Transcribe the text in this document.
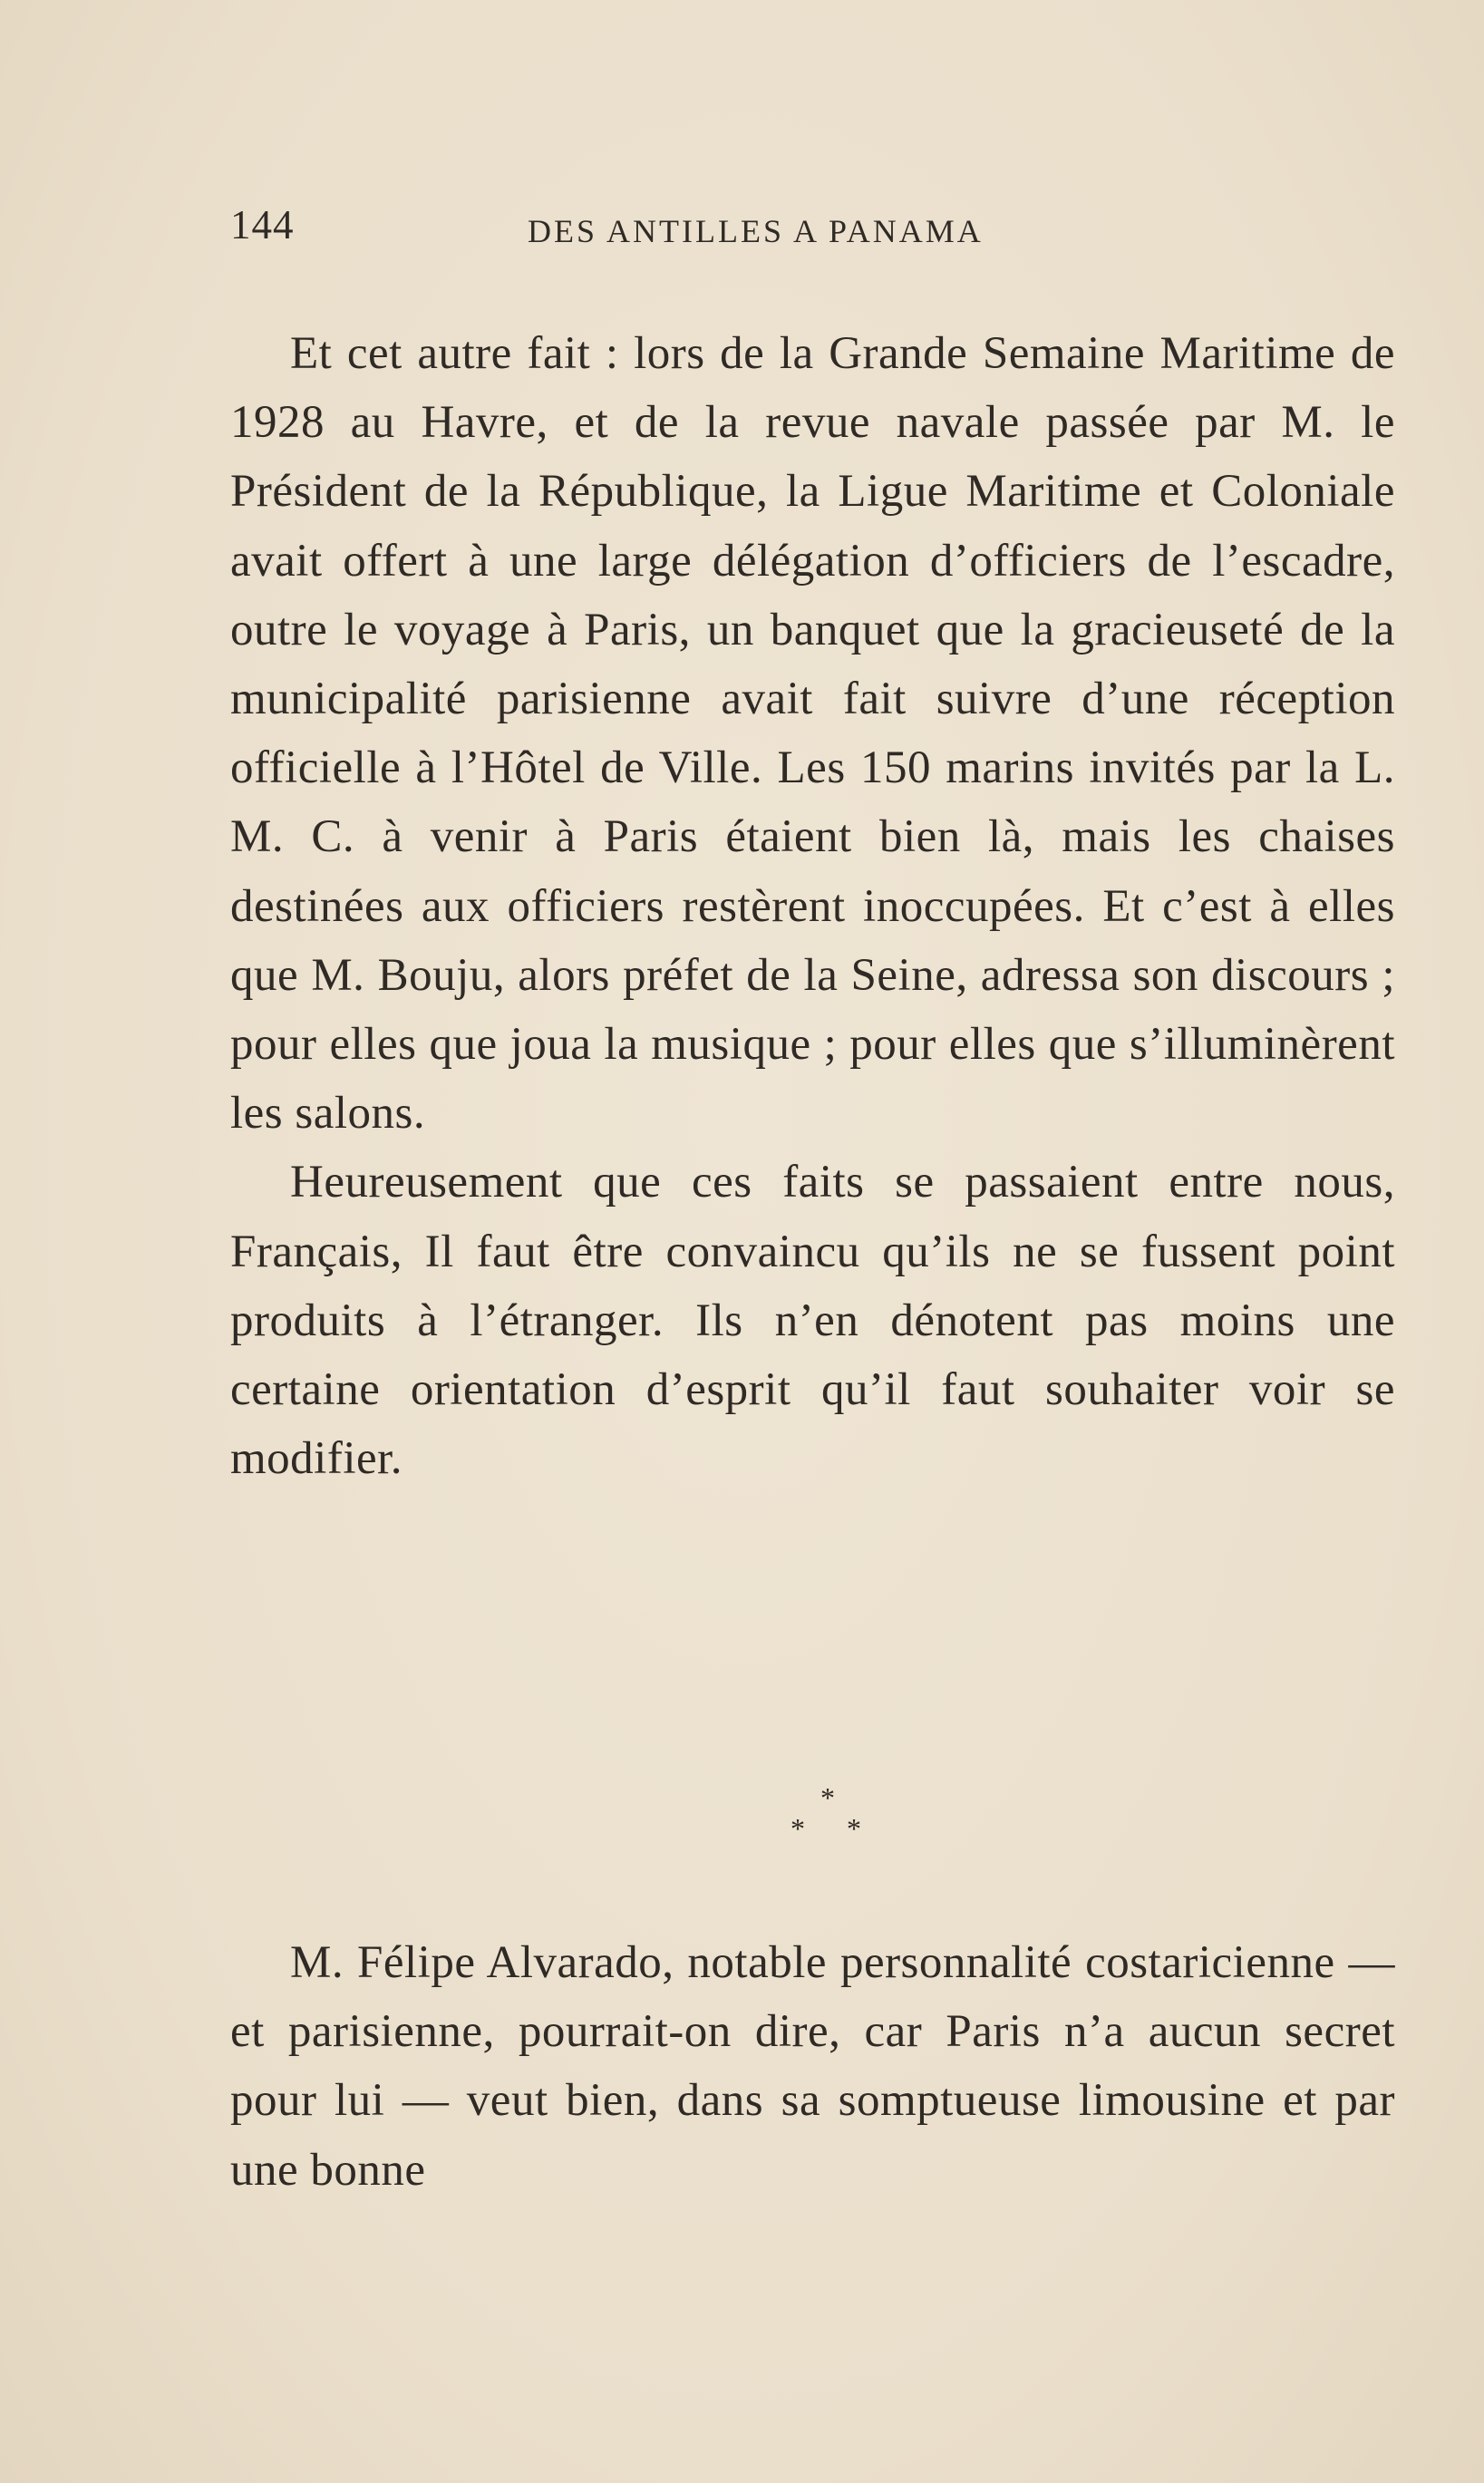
144	DES ANTILLES A PANAMA

Et cet autre fait : lors de la Grande Semaine Maritime de 1928 au Havre, et de la revue navale passée par M. le Président de la République, la Ligue Maritime et Coloniale avait offert à une large délégation d’officiers de l’escadre, outre le voyage à Paris, un banquet que la gracieuseté de la municipalité parisienne avait fait suivre d’une réception officielle à l’Hôtel de Ville. Les 150 marins invités par la L. M. C. à venir à Paris étaient bien là, mais les chaises destinées aux officiers restèrent inoccupées. Et c’est à elles que M. Bouju, alors préfet de la Seine, adressa son discours ; pour elles que joua la musique ; pour elles que s’illuminèrent les salons.

Heureusement que ces faits se passaient entre nous, Français, Il faut être convaincu qu’ils ne se fussent point produits à l’étranger. Ils n’en dénotent pas moins une certaine orientation d’esprit qu’il faut souhaiter voir se modifier.

*
* *

M. Félipe Alvarado, notable personnalité costaricienne — et parisienne, pourrait-on dire, car Paris n’a aucun secret pour lui — veut bien, dans sa somptueuse limousine et par une bonne
